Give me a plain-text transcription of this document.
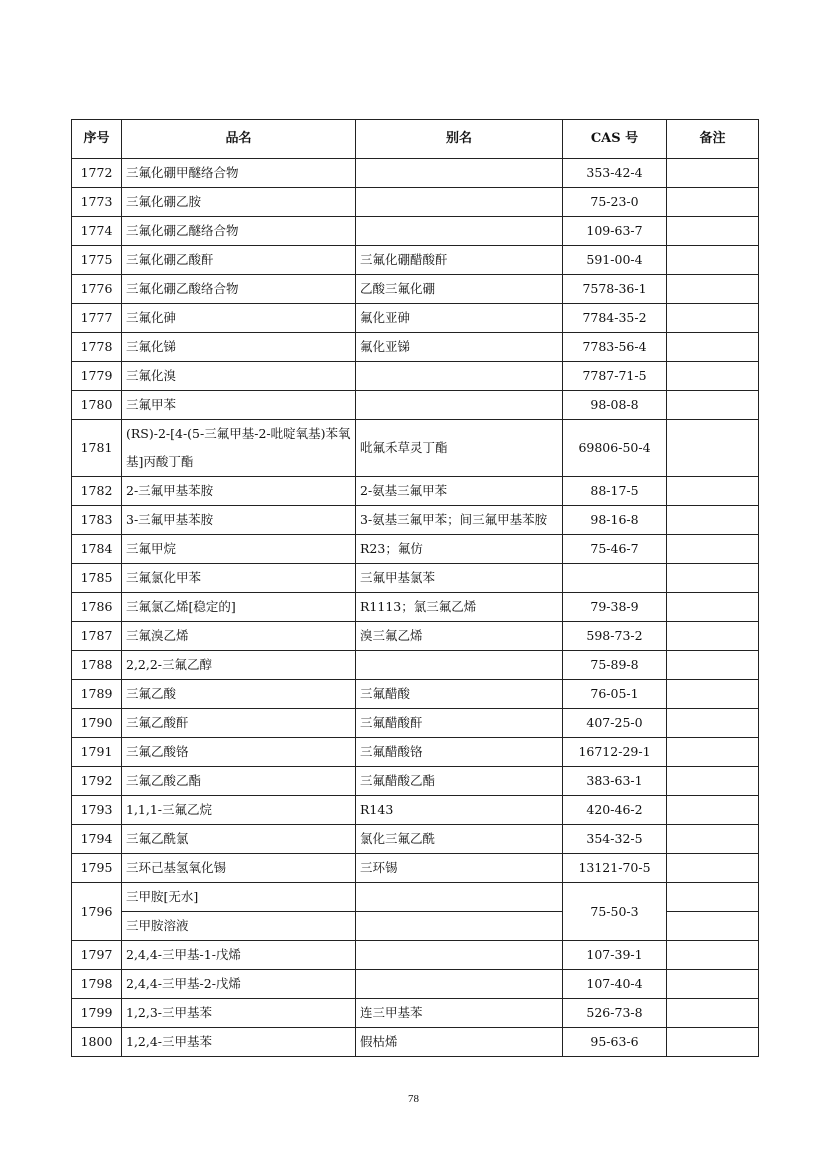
序号	品名	别名	CAS 号	备注
1772	三氟化硼甲醚络合物		353-42-4	
1773	三氟化硼乙胺		75-23-0	
1774	三氟化硼乙醚络合物		109-63-7	
1775	三氟化硼乙酸酐	三氟化硼醋酸酐	591-00-4	
1776	三氟化硼乙酸络合物	乙酸三氟化硼	7578-36-1	
1777	三氟化砷	氟化亚砷	7784-35-2	
1778	三氟化锑	氟化亚锑	7783-56-4	
1779	三氟化溴		7787-71-5	
1780	三氟甲苯		98-08-8	
1781	(RS)-2-[4-(5-三氟甲基-2-吡啶氧基)苯氧基]丙酸丁酯	吡氟禾草灵丁酯	69806-50-4	
1782	2-三氟甲基苯胺	2-氨基三氟甲苯	88-17-5	
1783	3-三氟甲基苯胺	3-氨基三氟甲苯；间三氟甲基苯胺	98-16-8	
1784	三氟甲烷	R23；氟仿	75-46-7	
1785	三氟氯化甲苯	三氟甲基氯苯		
1786	三氟氯乙烯[稳定的]	R1113；氯三氟乙烯	79-38-9	
1787	三氟溴乙烯	溴三氟乙烯	598-73-2	
1788	2,2,2-三氟乙醇		75-89-8	
1789	三氟乙酸	三氟醋酸	76-05-1	
1790	三氟乙酸酐	三氟醋酸酐	407-25-0	
1791	三氟乙酸铬	三氟醋酸铬	16712-29-1	
1792	三氟乙酸乙酯	三氟醋酸乙酯	383-63-1	
1793	1,1,1-三氟乙烷	R143	420-46-2	
1794	三氟乙酰氯	氯化三氟乙酰	354-32-5	
1795	三环己基氢氧化锡	三环锡	13121-70-5	
1796	三甲胺[无水]		75-50-3	
	三甲胺溶液			
1797	2,4,4-三甲基-1-戊烯		107-39-1	
1798	2,4,4-三甲基-2-戊烯		107-40-4	
1799	1,2,3-三甲基苯	连三甲基苯	526-73-8	
1800	1,2,4-三甲基苯	假枯烯	95-63-6	
78
